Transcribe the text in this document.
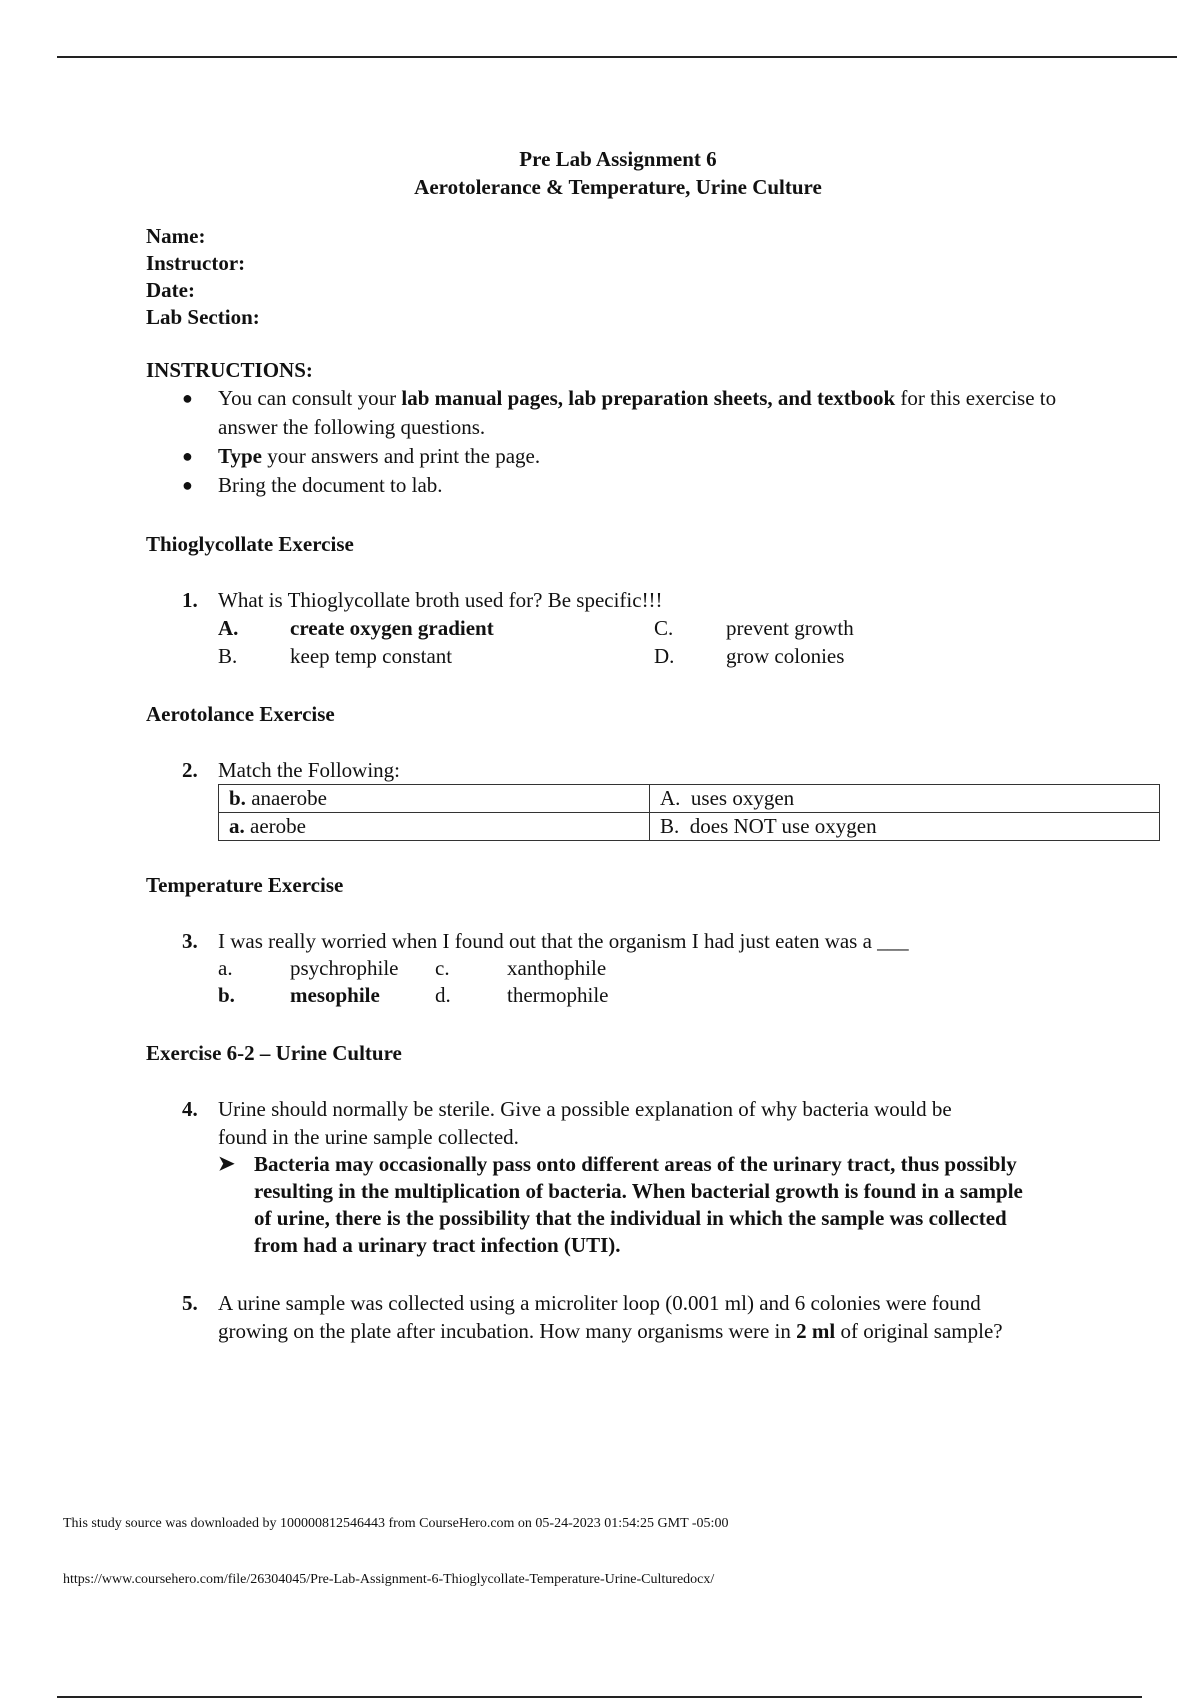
Pre Lab Assignment 6
Aerotolerance & Temperature, Urine Culture
Name:
Instructor:
Date:
Lab Section:
INSTRUCTIONS:
● You can consult your lab manual pages, lab preparation sheets, and textbook for this exercise to answer the following questions.
● Type your answers and print the page.
● Bring the document to lab.
Thioglycollate Exercise
1. What is Thioglycollate broth used for? Be specific!!!
A.	create oxygen gradient	C.	prevent growth
B.	keep temp constant	D.	grow colonies
Aerotolance Exercise
2. Match the Following:
b. anaerobe	A. uses oxygen
a. aerobe	B. does NOT use oxygen
Temperature Exercise
3. I was really worried when I found out that the organism I had just eaten was a ___
a.	psychrophile	c.	xanthophile
b.	mesophile	d.	thermophile
Exercise 6-2 – Urine Culture
4. Urine should normally be sterile. Give a possible explanation of why bacteria would be found in the urine sample collected.
➤ Bacteria may occasionally pass onto different areas of the urinary tract, thus possibly resulting in the multiplication of bacteria. When bacterial growth is found in a sample of urine, there is the possibility that the individual in which the sample was collected from had a urinary tract infection (UTI).
5. A urine sample was collected using a microliter loop (0.001 ml) and 6 colonies were found growing on the plate after incubation. How many organisms were in 2 ml of original sample?
This study source was downloaded by 100000812546443 from CourseHero.com on 05-24-2023 01:54:25 GMT -05:00
https://www.coursehero.com/file/26304045/Pre-Lab-Assignment-6-Thioglycollate-Temperature-Urine-Culturedocx/
